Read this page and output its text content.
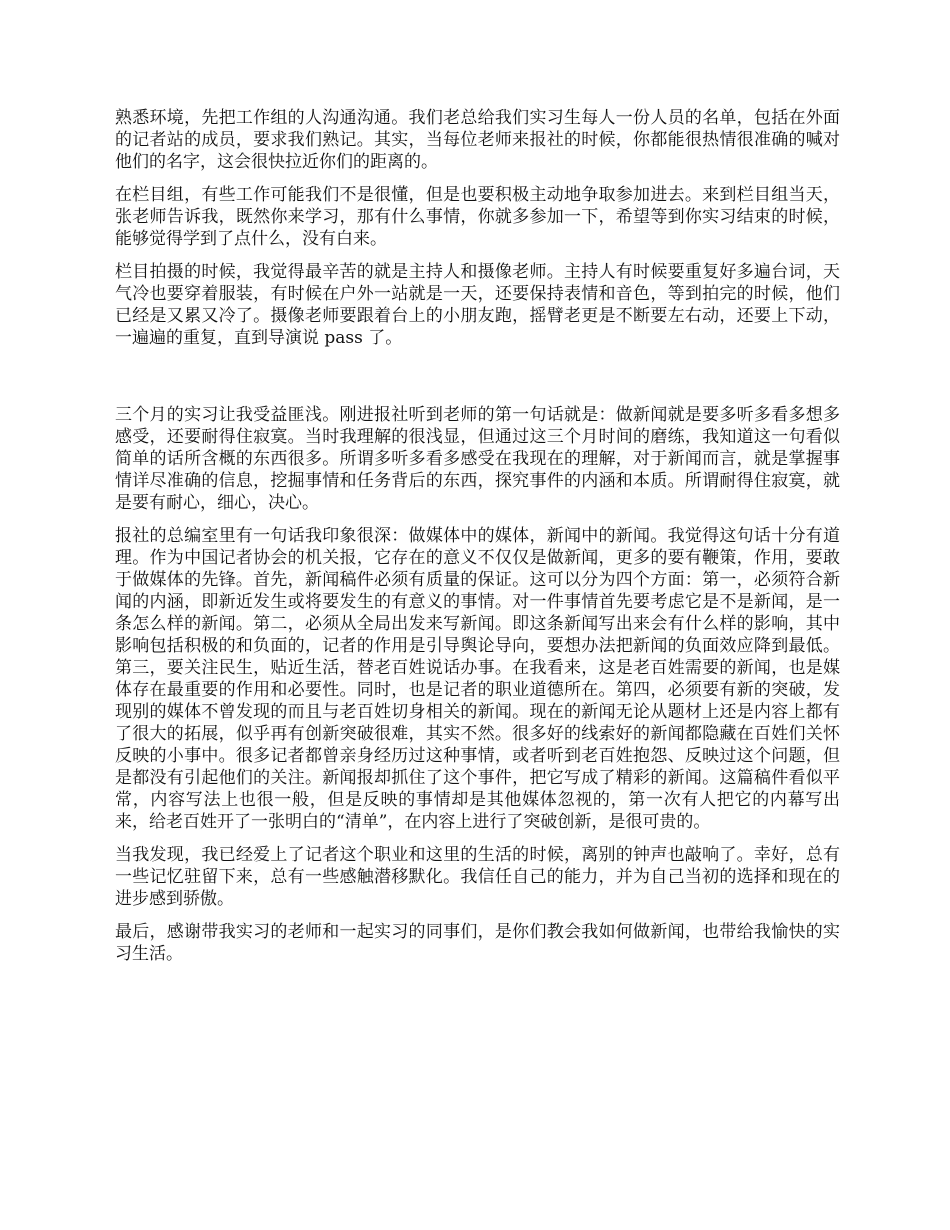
熟悉环境，先把工作组的人沟通沟通。我们老总给我们实习生每人一份人员的名单，包括在外面的记者站的成员，要求我们熟记。其实，当每位老师来报社的时候，你都能很热情很准确的喊对他们的名字，这会很快拉近你们的距离的。

在栏目组，有些工作可能我们不是很懂，但是也要积极主动地争取参加进去。来到栏目组当天，张老师告诉我，既然你来学习，那有什么事情，你就多参加一下，希望等到你实习结束的时候，能够觉得学到了点什么，没有白来。

栏目拍摄的时候，我觉得最辛苦的就是主持人和摄像老师。主持人有时候要重复好多遍台词，天气冷也要穿着服装，有时候在户外一站就是一天，还要保持表情和音色，等到拍完的时候，他们已经是又累又冷了。摄像老师要跟着台上的小朋友跑，摇臂老更是不断要左右动，还要上下动，一遍遍的重复，直到导演说 pass 了。

三个月的实习让我受益匪浅。刚进报社听到老师的第一句话就是：做新闻就是要多听多看多想多感受，还要耐得住寂寞。当时我理解的很浅显，但通过这三个月时间的磨练，我知道这一句看似简单的话所含概的东西很多。所谓多听多看多感受在我现在的理解，对于新闻而言，就是掌握事情详尽准确的信息，挖掘事情和任务背后的东西，探究事件的内涵和本质。所谓耐得住寂寞，就是要有耐心，细心，决心。

报社的总编室里有一句话我印象很深：做媒体中的媒体，新闻中的新闻。我觉得这句话十分有道理。作为中国记者协会的机关报，它存在的意义不仅仅是做新闻，更多的要有鞭策，作用，要敢于做媒体的先锋。首先，新闻稿件必须有质量的保证。这可以分为四个方面：第一，必须符合新闻的内涵，即新近发生或将要发生的有意义的事情。对一件事情首先要考虑它是不是新闻，是一条怎么样的新闻。第二，必须从全局出发来写新闻。即这条新闻写出来会有什么样的影响，其中影响包括积极的和负面的，记者的作用是引导舆论导向，要想办法把新闻的负面效应降到最低。第三，要关注民生，贴近生活，替老百姓说话办事。在我看来，这是老百姓需要的新闻，也是媒体存在最重要的作用和必要性。同时，也是记者的职业道德所在。第四，必须要有新的突破，发现别的媒体不曾发现的而且与老百姓切身相关的新闻。现在的新闻无论从题材上还是内容上都有了很大的拓展，似乎再有创新突破很难，其实不然。很多好的线索好的新闻都隐藏在百姓们关怀反映的小事中。很多记者都曾亲身经历过这种事情，或者听到老百姓抱怨、反映过这个问题，但是都没有引起他们的关注。新闻报却抓住了这个事件，把它写成了精彩的新闻。这篇稿件看似平常，内容写法上也很一般，但是反映的事情却是其他媒体忽视的，第一次有人把它的内幕写出来，给老百姓开了一张明白的“清单”，在内容上进行了突破创新，是很可贵的。

当我发现，我已经爱上了记者这个职业和这里的生活的时候，离别的钟声也敲响了。幸好，总有一些记忆驻留下来，总有一些感触潜移默化。我信任自己的能力，并为自己当初的选择和现在的进步感到骄傲。

最后，感谢带我实习的老师和一起实习的同事们，是你们教会我如何做新闻，也带给我愉快的实习生活。
